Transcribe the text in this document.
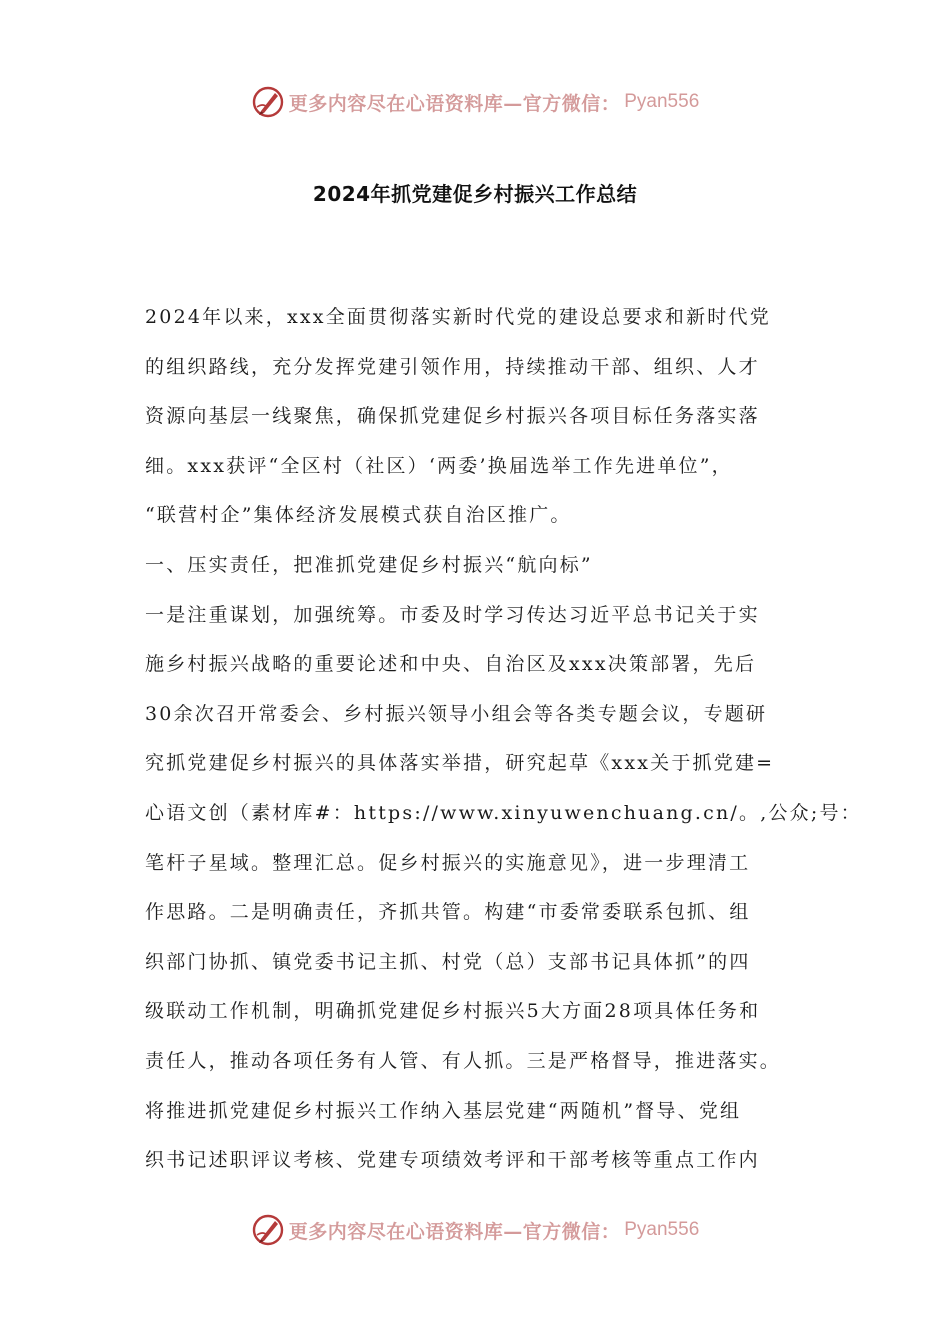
更多内容尽在心语资料库—官方微信： Pyan556
2024年抓党建促乡村振兴工作总结
2024年以来，xxx全面贯彻落实新时代党的建设总要求和新时代党
的组织路线，充分发挥党建引领作用，持续推动干部、组织、人才
资源向基层一线聚焦，确保抓党建促乡村振兴各项目标任务落实落
细。xxx获评“全区村（社区）‘两委’换届选举工作先进单位”，
“联营村企”集体经济发展模式获自治区推广。
一、压实责任，把准抓党建促乡村振兴“航向标”
一是注重谋划，加强统筹。市委及时学习传达习近平总书记关于实
施乡村振兴战略的重要论述和中央、自治区及xxx决策部署，先后
30余次召开常委会、乡村振兴领导小组会等各类专题会议，专题研
究抓党建促乡村振兴的具体落实举措，研究起草《xxx关于抓党建=
心语文创（素材库#：https://www.xinyuwenchuang.cn/。,公众;号：
笔杆子星域。整理汇总。促乡村振兴的实施意见》，进一步理清工
作思路。二是明确责任，齐抓共管。构建“市委常委联系包抓、组
织部门协抓、镇党委书记主抓、村党（总）支部书记具体抓”的四
级联动工作机制，明确抓党建促乡村振兴5大方面28项具体任务和
责任人，推动各项任务有人管、有人抓。三是严格督导，推进落实。
将推进抓党建促乡村振兴工作纳入基层党建“两随机”督导、党组
织书记述职评议考核、党建专项绩效考评和干部考核等重点工作内
更多内容尽在心语资料库—官方微信： Pyan556
